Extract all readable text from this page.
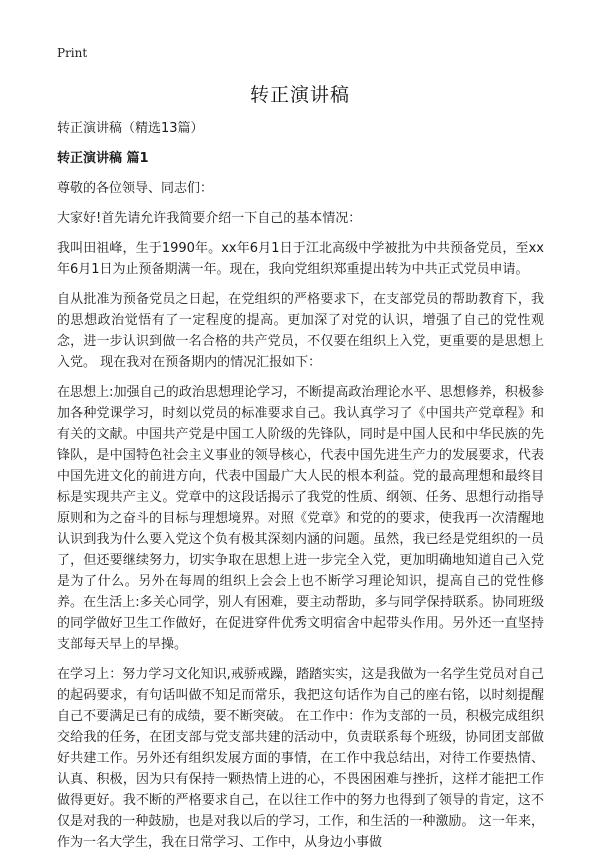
Print
转正演讲稿

转正演讲稿（精选13篇）

转正演讲稿 篇1

尊敬的各位领导、同志们：

大家好!首先请允许我简要介绍一下自己的基本情况：

我叫田祖峰，生于1990年。xx年6月1日于江北高级中学被批为中共预备党员，至xx年6月1日为止预备期满一年。现在，我向党组织郑重提出转为中共正式党员申请。

自从批准为预备党员之日起，在党组织的严格要求下，在支部党员的帮助教育下，我的思想政治觉悟有了一定程度的提高。更加深了对党的认识，增强了自己的党性观念，进一步认识到做一名合格的共产党员，不仅要在组织上入党，更重要的是思想上入党。 现在我对在预备期内的情况汇报如下：

在思想上:加强自己的政治思想理论学习，不断提高政治理论水平、思想修养，积极参加各种党课学习，时刻以党员的标准要求自己。我认真学习了《中国共产党章程》和有关的文献。中国共产党是中国工人阶级的先锋队，同时是中国人民和中华民族的先锋队，是中国特色社会主义事业的领导核心，代表中国先进生产力的发展要求，代表中国先进文化的前进方向，代表中国最广大人民的根本利益。党的最高理想和最终目标是实现共产主义。党章中的这段话揭示了我党的性质、纲领、任务、思想行动指导原则和为之奋斗的目标与理想境界。对照《党章》和党的的要求，使我再一次清醒地认识到我为什么要入党这个负有极其深刻内涵的问题。虽然，我已经是党组织的一员了，但还要继续努力，切实争取在思想上进一步完全入党，更加明确地知道自己入党是为了什么。另外在每周的组织上会会上也不断学习理论知识，提高自己的党性修养。在生活上:多关心同学，别人有困难，要主动帮助，多与同学保持联系。协同班级的同学做好卫生工作做好，在促进穿件优秀文明宿舍中起带头作用。另外还一直坚持支部每天早上的早操。

在学习上：努力学习文化知识,戒骄戒躁，踏踏实实，这是我做为一名学生党员对自己的起码要求，有句话叫做不知足而常乐，我把这句话作为自己的座右铭，以时刻提醒自己不要满足已有的成绩，要不断突破。 在工作中：作为支部的一员，积极完成组织交给我的任务，在团支部与党支部共建的活动中，负责联系每个班级，协同团支部做好共建工作。另外还有组织发展方面的事情，在工作中我总结出，对待工作要热情、认真、积极，因为只有保持一颗热情上进的心，不畏困困难与挫折，这样才能把工作做得更好。我不断的严格要求自己，在以往工作中的努力也得到了领导的肯定，这不仅是对我的一种鼓励，也是对我以后的学习，工作，和生活的一种激励。 这一年来，作为一名大学生，我在日常学习、工作中，从身边小事做
